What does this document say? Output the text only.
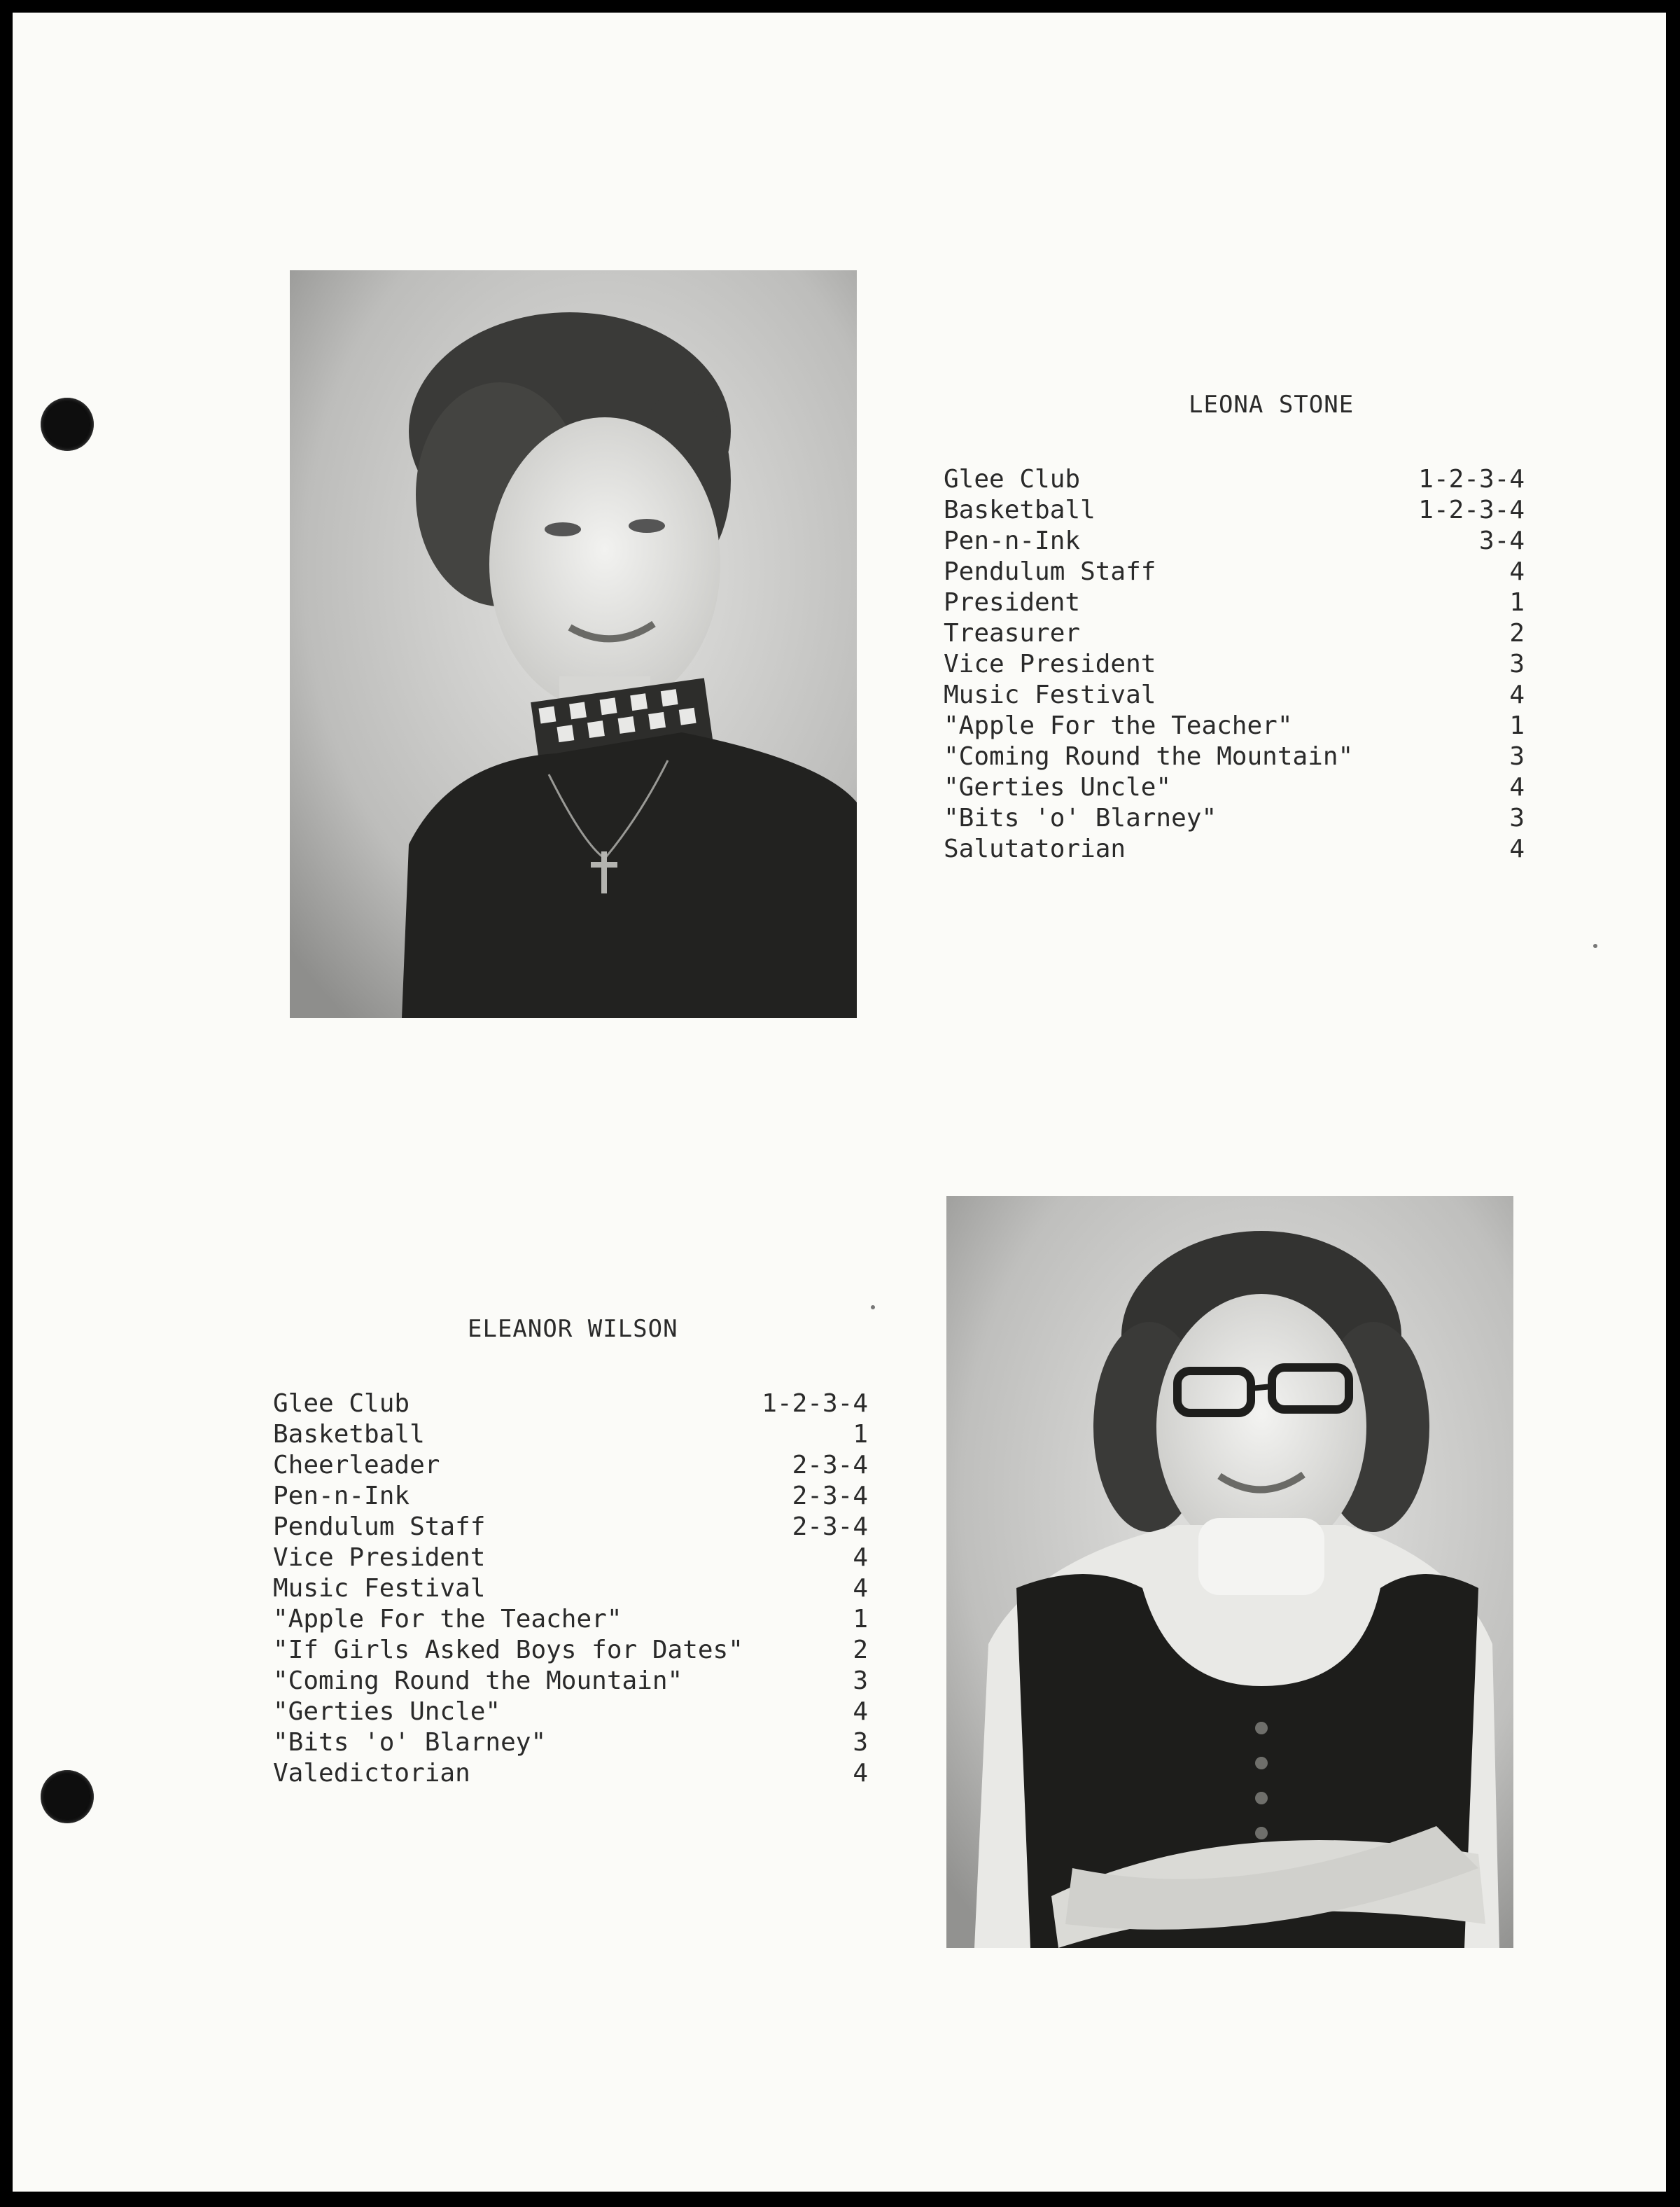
LEONA STONE
Glee Club	1-2-3-4
Basketball	1-2-3-4
Pen-n-Ink	3-4
Pendulum Staff	4
President	1
Treasurer	2
Vice President	3
Music Festival	4
"Apple For the Teacher"	1
"Coming Round the Mountain"	3
"Gerties Uncle"	4
"Bits 'o' Blarney"	3
Salutatorian	4
ELEANOR WILSON
Glee Club	1-2-3-4
Basketball	1
Cheerleader	2-3-4
Pen-n-Ink	2-3-4
Pendulum Staff	2-3-4
Vice President	4
Music Festival	4
"Apple For the Teacher"	1
"If Girls Asked Boys for Dates"	2
"Coming Round the Mountain"	3
"Gerties Uncle"	4
"Bits 'o' Blarney"	3
Valedictorian	4
